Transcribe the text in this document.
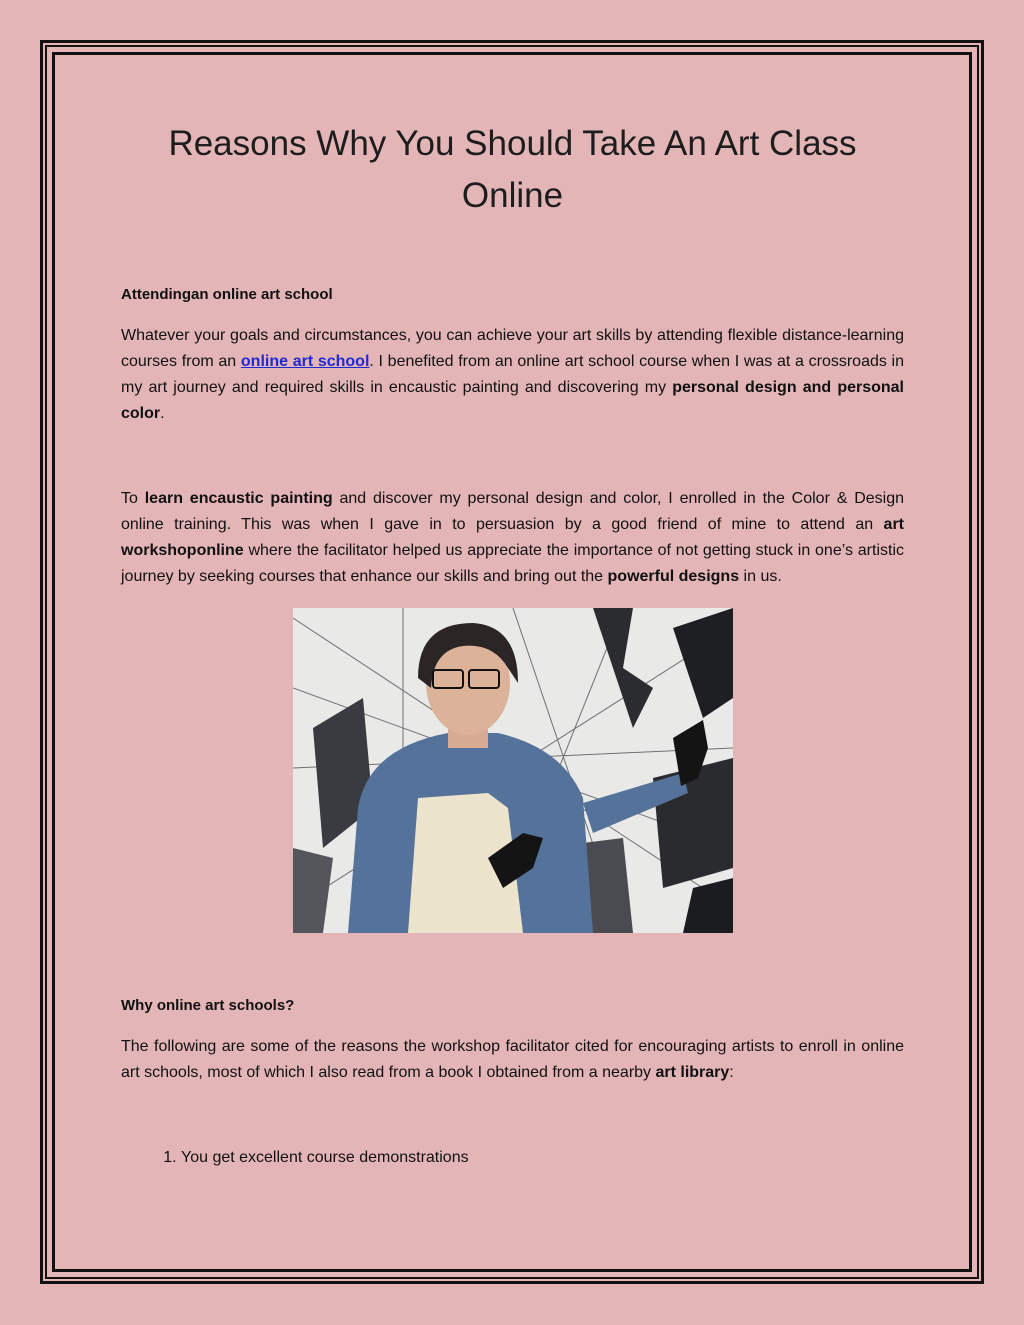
Reasons Why You Should Take An Art Class Online

Attendingan online art school

Whatever your goals and circumstances, you can achieve your art skills by attending flexible distance-learning courses from an online art school. I benefited from an online art school course when I was at a crossroads in my art journey and required skills in encaustic painting and discovering my personal design and personal color.

To learn encaustic painting and discover my personal design and color, I enrolled in the Color & Design online training. This was when I gave in to persuasion by a good friend of mine to attend an art workshoponline where the facilitator helped us appreciate the importance of not getting stuck in one’s artistic journey by seeking courses that enhance our skills and bring out the powerful designs in us.

Why online art schools?

The following are some of the reasons the workshop facilitator cited for encouraging artists to enroll in online art schools, most of which I also read from a book I obtained from a nearby art library:

1. You get excellent course demonstrations
